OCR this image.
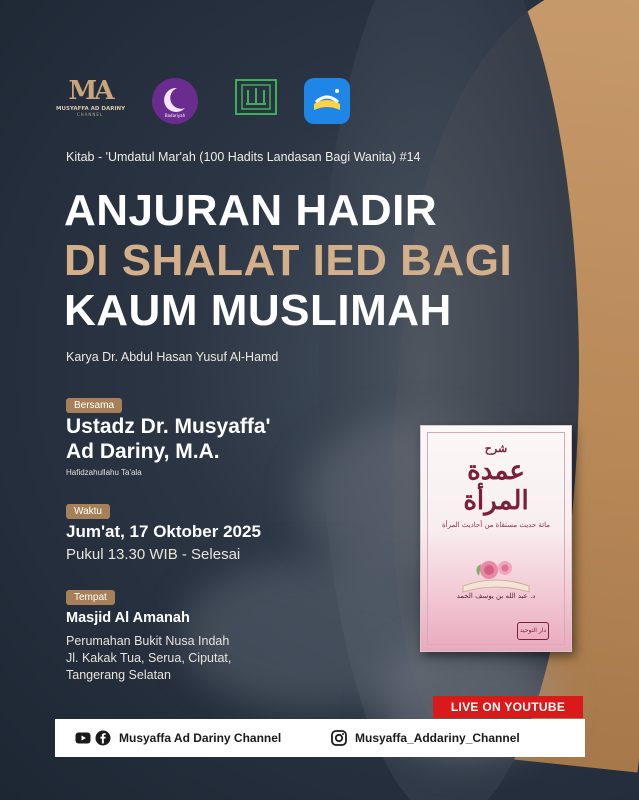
MA
MUSYAFFA AD DARINY
CHANNEL	Badariyah
Kitab - 'Umdatul Mar'ah (100 Hadits Landasan Bagi Wanita) #14
ANJURAN HADIR
DI SHALAT IED BAGI
KAUM MUSLIMAH
Karya Dr. Abdul Hasan Yusuf Al-Hamd
Bersama
Ustadz Dr. Musyaffa'
Ad Dariny, M.A.
Hafidzahullahu Ta'ala
Waktu
Jum'at, 17 Oktober 2025
Pukul 13.30 WIB - Selesai
Tempat
Masjid Al Amanah
Perumahan Bukit Nusa Indah
Jl. Kakak Tua, Serua, Ciputat,
Tangerang Selatan
شرح
عمدة المرأة
مائة حديث مستقاة من أحاديث المرأة
د. عبد الله بن يوسف الحمد
دار التوحيد
LIVE ON YOUTUBE
Musyaffa Ad Dariny Channel	Musyaffa_Addariny_Channel
